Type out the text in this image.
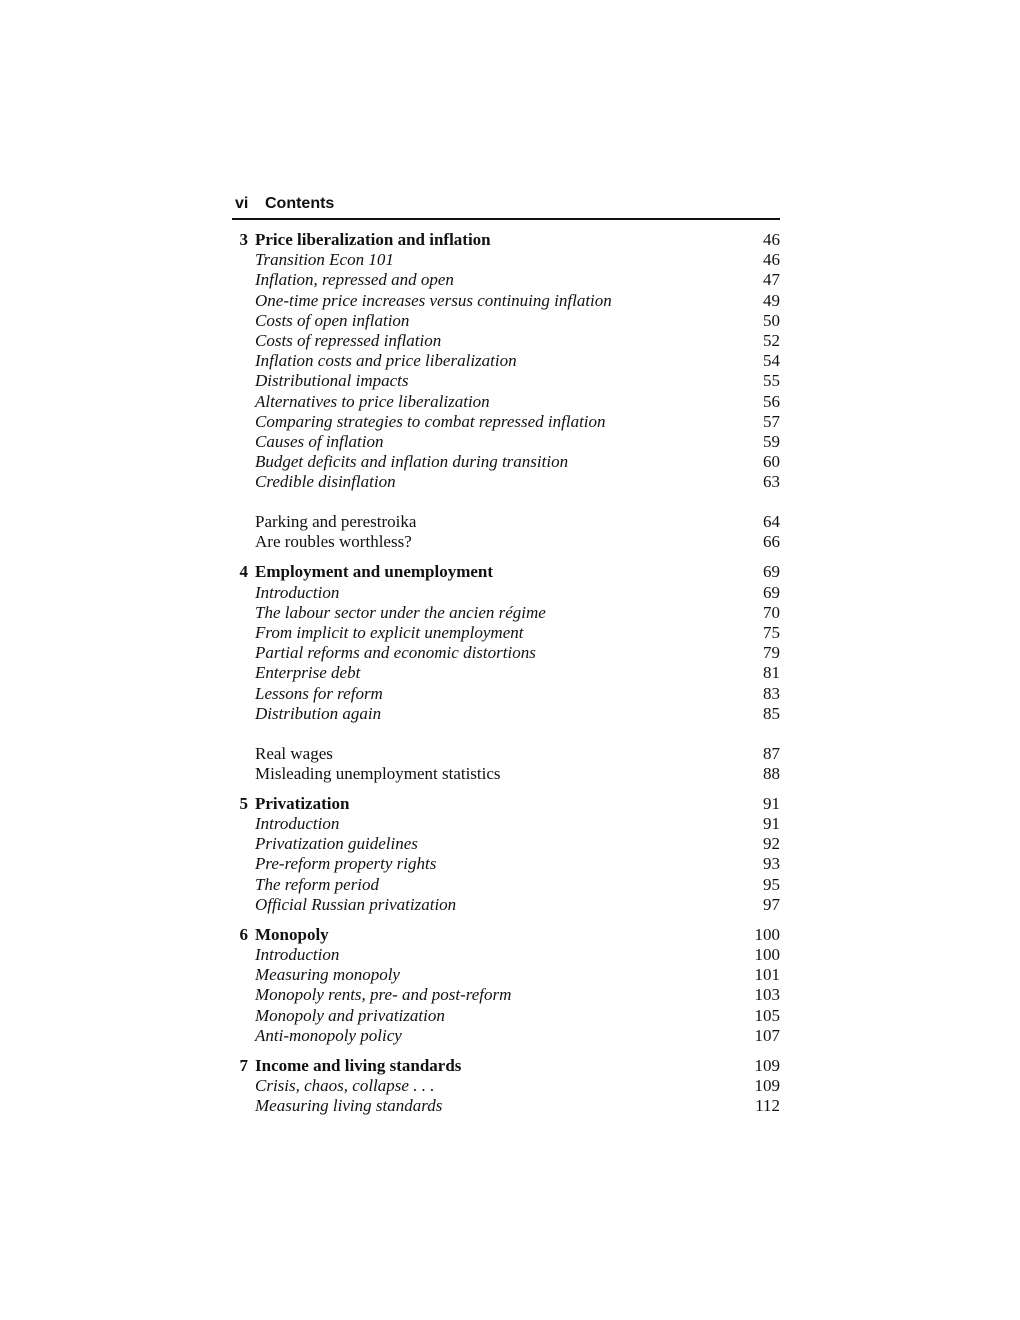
vi Contents
3 Price liberalization and inflation	46
Transition Econ 101	46
Inflation, repressed and open	47
One-time price increases versus continuing inflation	49
Costs of open inflation	50
Costs of repressed inflation	52
Inflation costs and price liberalization	54
Distributional impacts	55
Alternatives to price liberalization	56
Comparing strategies to combat repressed inflation	57
Causes of inflation	59
Budget deficits and inflation during transition	60
Credible disinflation	63
Parking and perestroika	64
Are roubles worthless?	66
4 Employment and unemployment	69
Introduction	69
The labour sector under the ancien régime	70
From implicit to explicit unemployment	75
Partial reforms and economic distortions	79
Enterprise debt	81
Lessons for reform	83
Distribution again	85
Real wages	87
Misleading unemployment statistics	88
5 Privatization	91
Introduction	91
Privatization guidelines	92
Pre-reform property rights	93
The reform period	95
Official Russian privatization	97
6 Monopoly	100
Introduction	100
Measuring monopoly	101
Monopoly rents, pre- and post-reform	103
Monopoly and privatization	105
Anti-monopoly policy	107
7 Income and living standards	109
Crisis, chaos, collapse . . .	109
Measuring living standards	112
